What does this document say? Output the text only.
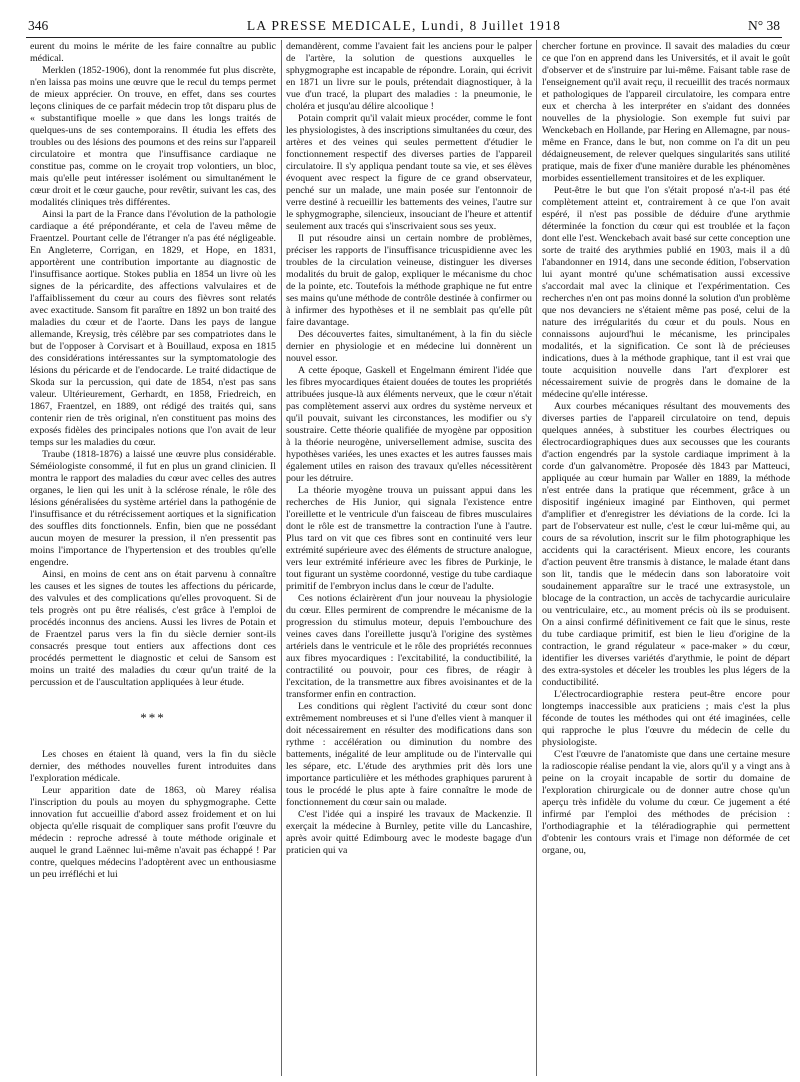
346	LA PRESSE MEDICALE, Lundi, 8 Juillet 1918	N° 38

eurent du moins le mérite de les faire connaître au public médical.

Merklen (1852-1906), dont la renommée fut plus discrète, n'en laissa pas moins une œuvre que le recul du temps permet de mieux apprécier. On trouve, en effet, dans ses courtes leçons cliniques de ce parfait médecin trop tôt disparu plus de « substantifique moelle » que dans les longs traités de quelques-uns de ses contemporains. Il étudia les effets des troubles ou des lésions des poumons et des reins sur l'appareil circulatoire et montra que l'insuffisance cardiaque ne constitue pas, comme on le croyait trop volontiers, un bloc, mais qu'elle peut intéresser isolément ou simultanément le cœur droit et le cœur gauche, pour revêtir, suivant les cas, des modalités cliniques très différentes.

Ainsi la part de la France dans l'évolution de la pathologie cardiaque a été prépondérante, et cela de l'aveu même de Fraentzel. Pourtant celle de l'étranger n'a pas été négligeable. En Angleterre, Corrigan, en 1829, et Hope, en 1831, apportèrent une contribution importante au diagnostic de l'insuffisance aortique. Stokes publia en 1854 un livre où les signes de la péricardite, des affections valvulaires et de l'affaiblissement du cœur au cours des fièvres sont relatés avec exactitude. Sansom fit paraître en 1892 un bon traité des maladies du cœur et de l'aorte. Dans les pays de langue allemande, Kreysig, très célèbre par ses compatriotes dans le but de l'opposer à Corvisart et à Bouillaud, exposa en 1815 des considérations intéressantes sur la symptomatologie des lésions du péricarde et de l'endocarde. Le traité didactique de Skoda sur la percussion, qui date de 1854, n'est pas sans valeur. Ultérieurement, Gerhardt, en 1858, Friedreich, en 1867, Fraentzel, en 1889, ont rédigé des traités qui, sans contenir rien de très original, n'en constituent pas moins des exposés fidèles des principales notions que l'on avait de leur temps sur les maladies du cœur.

Traube (1818-1876) a laissé une œuvre plus considérable. Séméiologiste consommé, il fut en plus un grand clinicien. Il montra le rapport des maladies du cœur avec celles des autres organes, le lien qui les unit à la sclérose rénale, le rôle des lésions généralisées du système artériel dans la pathogénie de l'insuffisance et du rétrécissement aortiques et la signification des souffles dits fonctionnels. Enfin, bien que ne possédant aucun moyen de mesurer la pression, il n'en pressentit pas moins l'importance de l'hypertension et des troubles qu'elle engendre.

Ainsi, en moins de cent ans on était parvenu à connaître les causes et les signes de toutes les affections du péricarde, des valvules et des complications qu'elles provoquent. Si de tels progrès ont pu être réalisés, c'est grâce à l'emploi de procédés inconnus des anciens. Aussi les livres de Potain et de Fraentzel parus vers la fin du siècle dernier sont-ils consacrés presque tout entiers aux affections dont ces procédés permettent le diagnostic et celui de Sansom est moins un traité des maladies du cœur qu'un traité de la percussion et de l'auscultation appliquées à leur étude.

***

Les choses en étaient là quand, vers la fin du siècle dernier, des méthodes nouvelles furent introduites dans l'exploration médicale.

Leur apparition date de 1863, où Marey réalisa l'inscription du pouls au moyen du sphygmographe. Cette innovation fut accueillie d'abord assez froidement et on lui objecta qu'elle risquait de compliquer sans profit l'œuvre du médecin : reproche adressé à toute méthode originale et auquel le grand Laënnec lui-même n'avait pas échappé ! Par contre, quelques médecins l'adoptèrent avec un enthousiasme un peu irréfléchi et lui

demandèrent, comme l'avaient fait les anciens pour le palper de l'artère, la solution de questions auxquelles le sphygmographe est incapable de répondre. Lorain, qui écrivit en 1871 un livre sur le pouls, prétendait diagnostiquer, à la vue d'un tracé, la plupart des maladies : la pneumonie, le choléra et jusqu'au délire alcoolique !

Potain comprit qu'il valait mieux procéder, comme le font les physiologistes, à des inscriptions simultanées du cœur, des artères et des veines qui seules permettent d'étudier le fonctionnement respectif des diverses parties de l'appareil circulatoire. Il s'y appliqua pendant toute sa vie, et ses élèves évoquent avec respect la figure de ce grand observateur, penché sur un malade, une main posée sur l'entonnoir de verre destiné à recueillir les battements des veines, l'autre sur le sphygmographe, silencieux, insouciant de l'heure et attentif seulement aux tracés qui s'inscrivaient sous ses yeux.

Il put résoudre ainsi un certain nombre de problèmes, préciser les rapports de l'insuffisance tricuspidienne avec les troubles de la circulation veineuse, distinguer les diverses modalités du bruit de galop, expliquer le mécanisme du choc de la pointe, etc. Toutefois la méthode graphique ne fut entre ses mains qu'une méthode de contrôle destinée à confirmer ou à infirmer des hypothèses et il ne semblait pas qu'elle pût faire davantage.

Des découvertes faites, simultanément, à la fin du siècle dernier en physiologie et en médecine lui donnèrent un nouvel essor.

A cette époque, Gaskell et Engelmann émirent l'idée que les fibres myocardiques étaient douées de toutes les propriétés attribuées jusque-là aux éléments nerveux, que le cœur n'était pas complètement asservi aux ordres du système nerveux et qu'il pouvait, suivant les circonstances, les modifier ou s'y soustraire. Cette théorie qualifiée de myogène par opposition à la théorie neurogène, universellement admise, suscita des hypothèses variées, les unes exactes et les autres fausses mais également utiles en raison des travaux qu'elles nécessitèrent pour les détruire.

La théorie myogène trouva un puissant appui dans les recherches de His Junior, qui signala l'existence entre l'oreillette et le ventricule d'un faisceau de fibres musculaires dont le rôle est de transmettre la contraction l'une à l'autre. Plus tard on vit que ces fibres sont en continuité vers leur extrémité supérieure avec des éléments de structure analogue, vers leur extrémité inférieure avec les fibres de Purkinje, le tout figurant un système coordonné, vestige du tube cardiaque primitif de l'embryon inclus dans le cœur de l'adulte.

Ces notions éclairèrent d'un jour nouveau la physiologie du cœur. Elles permirent de comprendre le mécanisme de la progression du stimulus moteur, depuis l'embouchure des veines caves dans l'oreillette jusqu'à l'origine des systèmes artériels dans le ventricule et le rôle des propriétés reconnues aux fibres myocardiques : l'excitabilité, la conductibilité, la contractilité ou pouvoir, pour ces fibres, de réagir à l'excitation, de la transmettre aux fibres avoisinantes et de la transformer enfin en contraction.

Les conditions qui règlent l'activité du cœur sont donc extrêmement nombreuses et si l'une d'elles vient à manquer il doit nécessairement en résulter des modifications dans son rythme : accélération ou diminution du nombre des battements, inégalité de leur amplitude ou de l'intervalle qui les sépare, etc. L'étude des arythmies prit dès lors une importance particulière et les méthodes graphiques parurent à tous le procédé le plus apte à faire connaître le mode de fonctionnement du cœur sain ou malade.

C'est l'idée qui a inspiré les travaux de Mackenzie. Il exerçait la médecine à Burnley, petite ville du Lancashire, après avoir quitté Edimbourg avec le modeste bagage d'un praticien qui va

chercher fortune en province. Il savait des maladies du cœur ce que l'on en apprend dans les Universités, et il avait le goût d'observer et de s'instruire par lui-même. Faisant table rase de l'enseignement qu'il avait reçu, il recueillit des tracés normaux et pathologiques de l'appareil circulatoire, les compara entre eux et chercha à les interpréter en s'aidant des données nouvelles de la physiologie. Son exemple fut suivi par Wenckebach en Hollande, par Hering en Allemagne, par nous-même en France, dans le but, non comme on l'a dit un peu dédaigneusement, de relever quelques singularités sans utilité pratique, mais de fixer d'une manière durable les phénomènes morbides essentiellement transitoires et de les expliquer.

Peut-être le but que l'on s'était proposé n'a-t-il pas été complètement atteint et, contrairement à ce que l'on avait espéré, il n'est pas possible de déduire d'une arythmie déterminée la fonction du cœur qui est troublée et la façon dont elle l'est. Wenckebach avait basé sur cette conception une sorte de traité des arythmies publié en 1903, mais il a dû l'abandonner en 1914, dans une seconde édition, l'observation lui ayant montré qu'une schématisation aussi excessive s'accordait mal avec la clinique et l'expérimentation. Ces recherches n'en ont pas moins donné la solution d'un problème que nos devanciers ne s'étaient même pas posé, celui de la nature des irrégularités du cœur et du pouls. Nous en connaissons aujourd'hui le mécanisme, les principales modalités, et la signification. Ce sont là de précieuses indications, dues à la méthode graphique, tant il est vrai que toute acquisition nouvelle dans l'art d'explorer est nécessairement suivie de progrès dans le domaine de la médecine qu'elle intéresse.

Aux courbes mécaniques résultant des mouvements des diverses parties de l'appareil circulatoire on tend, depuis quelques années, à substituer les courbes électriques ou électrocardiographiques dues aux secousses que les courants d'action engendrés par la systole cardiaque impriment à la corde d'un galvanomètre. Proposée dès 1843 par Matteuci, appliquée au cœur humain par Waller en 1889, la méthode n'est entrée dans la pratique que récemment, grâce à un dispositif ingénieux imaginé par Einthoven, qui permet d'amplifier et d'enregistrer les déviations de la corde. Ici la part de l'observateur est nulle, c'est le cœur lui-même qui, au cours de sa révolution, inscrit sur le film photographique les accidents qui la caractérisent. Mieux encore, les courants d'action peuvent être transmis à distance, le malade étant dans son lit, tandis que le médecin dans son laboratoire voit soudainement apparaître sur le tracé une extrasystole, un blocage de la contraction, un accès de tachycardie auriculaire ou ventriculaire, etc., au moment précis où ils se produisent. On a ainsi confirmé définitivement ce fait que le sinus, reste du tube cardiaque primitif, est bien le lieu d'origine de la contraction, le grand régulateur « pace-maker » du cœur, identifier les diverses variétés d'arythmie, le point de départ des extra-systoles et déceler les troubles les plus légers de la conductibilité.

L'électrocardiographie restera peut-être encore pour longtemps inaccessible aux praticiens ; mais c'est la plus féconde de toutes les méthodes qui ont été imaginées, celle qui rapproche le plus l'œuvre du médecin de celle du physiologiste.

C'est l'œuvre de l'anatomiste que dans une certaine mesure la radioscopie réalise pendant la vie, alors qu'il y a vingt ans à peine on la croyait incapable de sortir du domaine de l'exploration chirurgicale ou de donner autre chose qu'un aperçu très infidèle du volume du cœur. Ce jugement a été infirmé par l'emploi des méthodes de précision : l'orthodiagraphie et la téléradiographie qui permettent d'obtenir les contours vrais et l'image non déformée de cet organe, ou,
